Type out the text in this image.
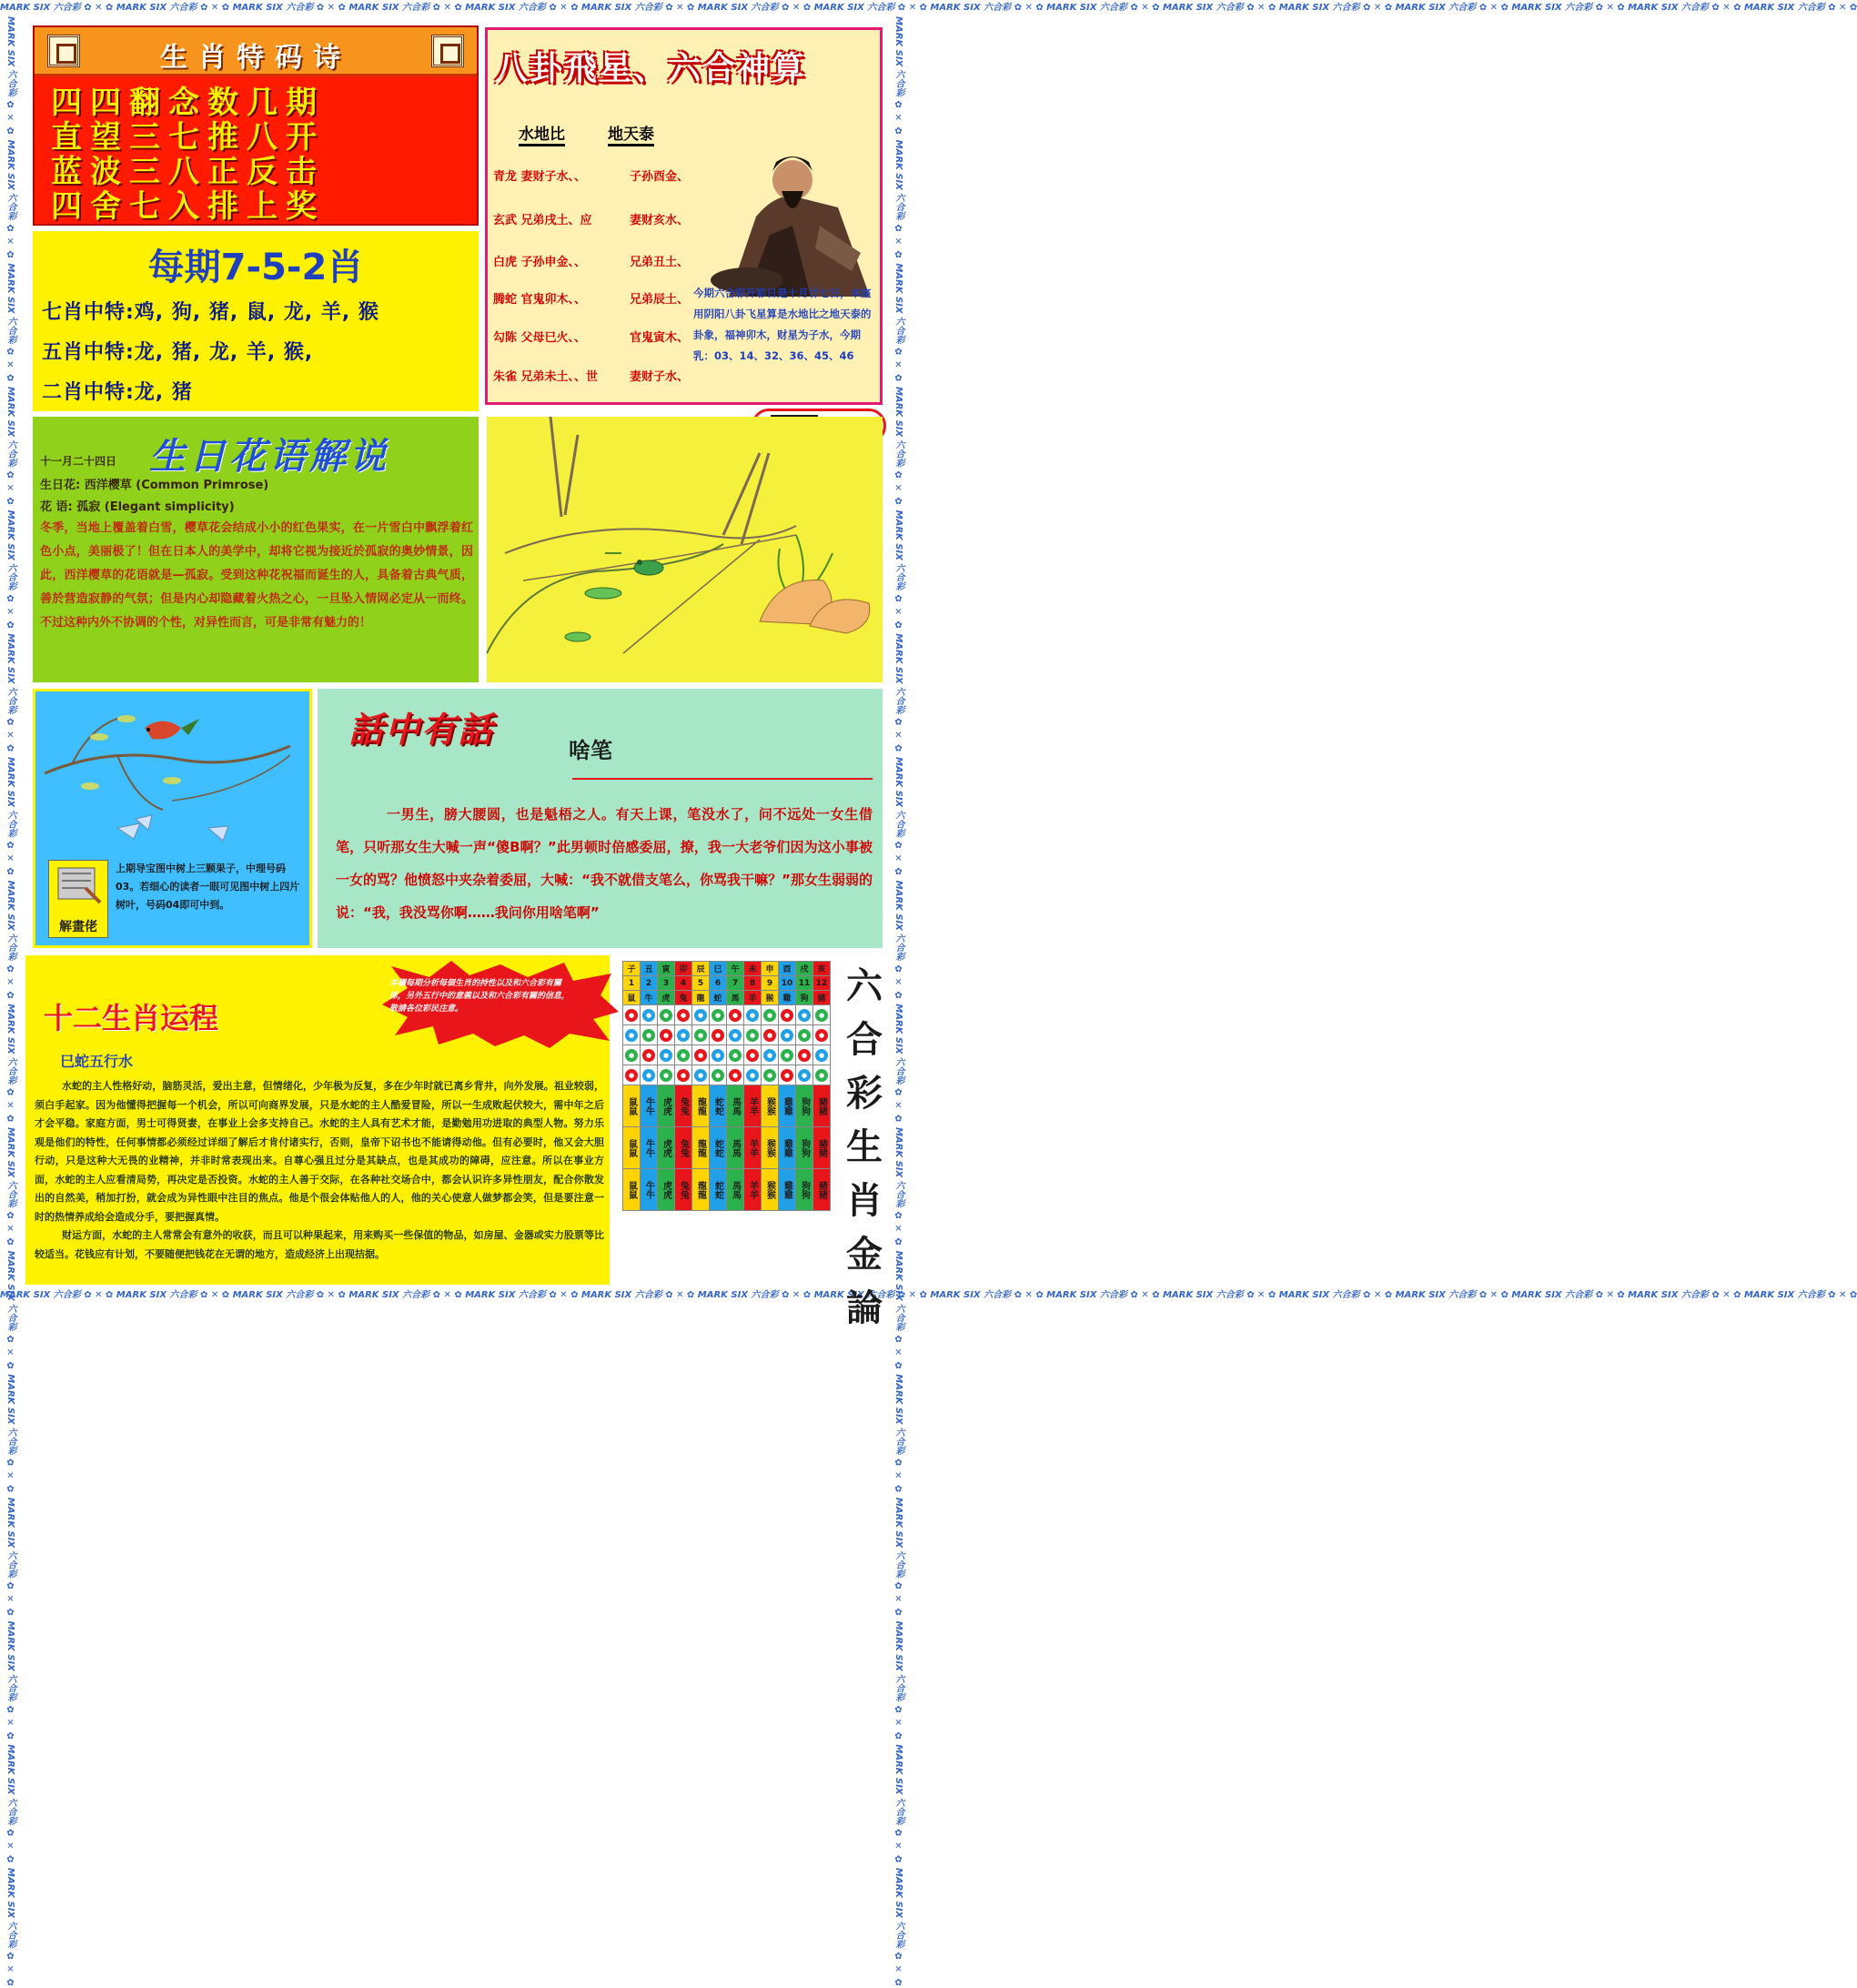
MARK SIX 六合彩 ✿ ✕ ✿ MARK SIX 六合彩 ✿ ✕ ✿ MARK SIX 六合彩 ✿ ✕ ✿ MARK SIX 六合彩 ✿ ✕ ✿ MARK SIX 六合彩 ✿ ✕ ✿ MARK SIX 六合彩 ✿ ✕ ✿ MARK SIX 六合彩 ✿ ✕ ✿ MARK SIX 六合彩 ✿ ✕ ✿ MARK SIX 六合彩 ✿ ✕ ✿ MARK SIX 六合彩 ✿ ✕ ✿ MARK SIX 六合彩 ✿ ✕ ✿ MARK SIX 六合彩 ✿ ✕ ✿ MARK SIX 六合彩 ✿ ✕ ✿ MARK SIX 六合彩 ✿ ✕ ✿ MARK SIX 六合彩 ✿ ✕ ✿ MARK SIX 六合彩 ✿ ✕ ✿
MARK SIX 六合彩 ✿ ✕ ✿ MARK SIX 六合彩 ✿ ✕ ✿ MARK SIX 六合彩 ✿ ✕ ✿ MARK SIX 六合彩 ✿ ✕ ✿ MARK SIX 六合彩 ✿ ✕ ✿ MARK SIX 六合彩 ✿ ✕ ✿ MARK SIX 六合彩 ✿ ✕ ✿ MARK SIX 六合彩 ✿ ✕ ✿ MARK SIX 六合彩 ✿ ✕ ✿ MARK SIX 六合彩 ✿ ✕ ✿ MARK SIX 六合彩 ✿ ✕ ✿ MARK SIX 六合彩 ✿ ✕ ✿ MARK SIX 六合彩 ✿ ✕ ✿ MARK SIX 六合彩 ✿ ✕ ✿ MARK SIX 六合彩 ✿ ✕ ✿ MARK SIX 六合彩 ✿ ✕ ✿
MARK SIX 六合彩 ✿ ✕ ✿ MARK SIX 六合彩 ✿ ✕ ✿ MARK SIX 六合彩 ✿ ✕ ✿ MARK SIX 六合彩 ✿ ✕ ✿ MARK SIX 六合彩 ✿ ✕ ✿ MARK SIX 六合彩 ✿ ✕ ✿ MARK SIX 六合彩 ✿ ✕ ✿ MARK SIX 六合彩 ✿ ✕ ✿ MARK SIX 六合彩 ✿ ✕ ✿ MARK SIX 六合彩 ✿ ✕ ✿ MARK SIX 六合彩 ✿ ✕ ✿ MARK SIX 六合彩 ✿ ✕ ✿ MARK SIX 六合彩 ✿ ✕ ✿ MARK SIX 六合彩 ✿ ✕ ✿ MARK SIX 六合彩 ✿ ✕ ✿ MARK SIX 六合彩 ✿ ✕ ✿	MARK SIX 六合彩 ✿ ✕ ✿ MARK SIX 六合彩 ✿ ✕ ✿ MARK SIX 六合彩 ✿ ✕ ✿ MARK SIX 六合彩 ✿ ✕ ✿ MARK SIX 六合彩 ✿ ✕ ✿ MARK SIX 六合彩 ✿ ✕ ✿ MARK SIX 六合彩 ✿ ✕ ✿ MARK SIX 六合彩 ✿ ✕ ✿ MARK SIX 六合彩 ✿ ✕ ✿ MARK SIX 六合彩 ✿ ✕ ✿ MARK SIX 六合彩 ✿ ✕ ✿ MARK SIX 六合彩 ✿ ✕ ✿ MARK SIX 六合彩 ✿ ✕ ✿ MARK SIX 六合彩 ✿ ✕ ✿ MARK SIX 六合彩 ✿ ✕ ✿ MARK SIX 六合彩 ✿ ✕ ✿
生肖特码诗
四四翻念数几期
直望三七推八开
蓝波三八正反击
四舍七入排上奖
八卦飛星、六合神算
水地比	地天泰
青龙 妻财子水、、	子孙酉金、
玄武 兄弟戌土、应	妻财亥水、
白虎 子孙申金、、	兄弟丑土、
腾蛇 官鬼卯木、、	兄弟辰土、
勾陈 父母巳火、、	官鬼寅木、
朱雀 兄弟未土、、世	妻财子水、
今期六合彩开彩日是十月廿七日，本座用阴阳八卦飞星算是水地比之地天泰的卦象，福神卯木，财星为子水，今期乳：03、14、32、36、45、46
每期7-5-2肖
七肖中特:鸡, 狗, 猪, 鼠, 龙, 羊, 猴
五肖中特:龙, 猪, 龙, 羊, 猴,
二肖中特:龙, 猪
生日花语解说
十一月二十四日
生日花: 西洋樱草 (Common Primrose)
花 语: 孤寂 (Elegant simplicity)
冬季，当地上覆盖着白雪，樱草花会结成小小的红色果实，在一片雪白中飘浮着红色小点，美丽极了！但在日本人的美学中，却将它视为接近於孤寂的奥妙情景，因此，西洋樱草的花语就是—孤寂。受到这种花祝福而诞生的人，具备着古典气质，善於营造寂静的气氛；但是内心却隐藏着火热之心，一旦坠入情网必定从一而终。不过这种内外不协调的个性，对异性而言，可是非常有魅力的！
解畫佬
上期导宝图中树上三颗果子，中理号码03。若细心的读者一眼可见图中树上四片树叶，号码04即可中到。
話中有話
啥笔
一男生，膀大腰圆，也是魁梧之人。有天上课，笔没水了，问不远处一女生借笔，只听那女生大喊一声“傻B啊？”此男顿时倍感委屈，撩，我一大老爷们因为这小事被一女的骂？他愤怒中夹杂着委屈，大喊：“我不就借支笔么，你骂我干嘛？”那女生弱弱的说：“我，我没骂你啊……我问你用啥笔啊”
本欄每期分析每個生肖的持性以及和六合彩有關係，另外五行中的意義以及和六合彩有關的信息，敬請各位彩民注意。
十二生肖运程
巳蛇五行水

水蛇的主人性格好动，脑筋灵活，爱出主意，但情绪化，少年极为反复，多在少年时就已离乡背井，向外发展。祖业较弱，须白手起家。因为他懂得把握每一个机会，所以可向商界发展，只是水蛇的主人酷爱冒险，所以一生成败起伏较大，需中年之后才会平稳。家庭方面，男士可得贤妻，在事业上会多支持自己。水蛇的主人具有艺术才能，是勤勉用功进取的典型人物。努力乐观是他们的特性，任何事情都必须经过详细了解后才肯付诸实行，否则，皇帝下诏书也不能请得动他。但有必要时，他又会大胆行动，只是这种大无畏的业精神，并非时常表现出来。自尊心强且过分是其缺点，也是其成功的障碍，应注意。所以在事业方面，水蛇的主人应看清局势，再决定是否投资。水蛇的主人善于交际，在各种社交场合中，都会认识许多异性朋友，配合你散发出的自然美，稍加打扮，就会成为异性眼中注目的焦点。他是个很会体贴他人的人，他的关心使意人做梦都会笑，但是要注意一时的热情养成给会造成分手，要把握真情。

财运方面，水蛇的主人常常会有意外的收获，而且可以种果起来，用来购买一些保值的物品，如房屋、金器或实力股票等比较适当。花钱应有计划，不要随便把钱花在无谓的地方，造成经济上出现拮据。

子	丑	寅	卯	辰	巳	午	未	申	酉	戌	亥
1	2	3	4	5	6	7	8	9	10	11	12
鼠	牛	虎	兔	龍	蛇	馬	羊	猴	雞	狗	豬
●	●	●	●	●	●	●	●	●	●	●	●
●	●	●	●	●	●	●	●	●	●	●	●
●	●	●	●	●	●	●	●	●	●	●	●
●	●	●	●	●	●	●	●	●	●	●	●
鼠鼠	牛牛	虎虎	兔兔	龍龍	蛇蛇	馬馬	羊羊	猴猴	雞雞	狗狗	豬豬
鼠鼠	牛牛	虎虎	兔兔	龍龍	蛇蛇	馬馬	羊羊	猴猴	雞雞	狗狗	豬豬
鼠鼠	牛牛	虎虎	兔兔	龍龍	蛇蛇	馬馬	羊羊	猴猴	雞雞	狗狗	豬豬
六
合
彩
生
肖
金
論
